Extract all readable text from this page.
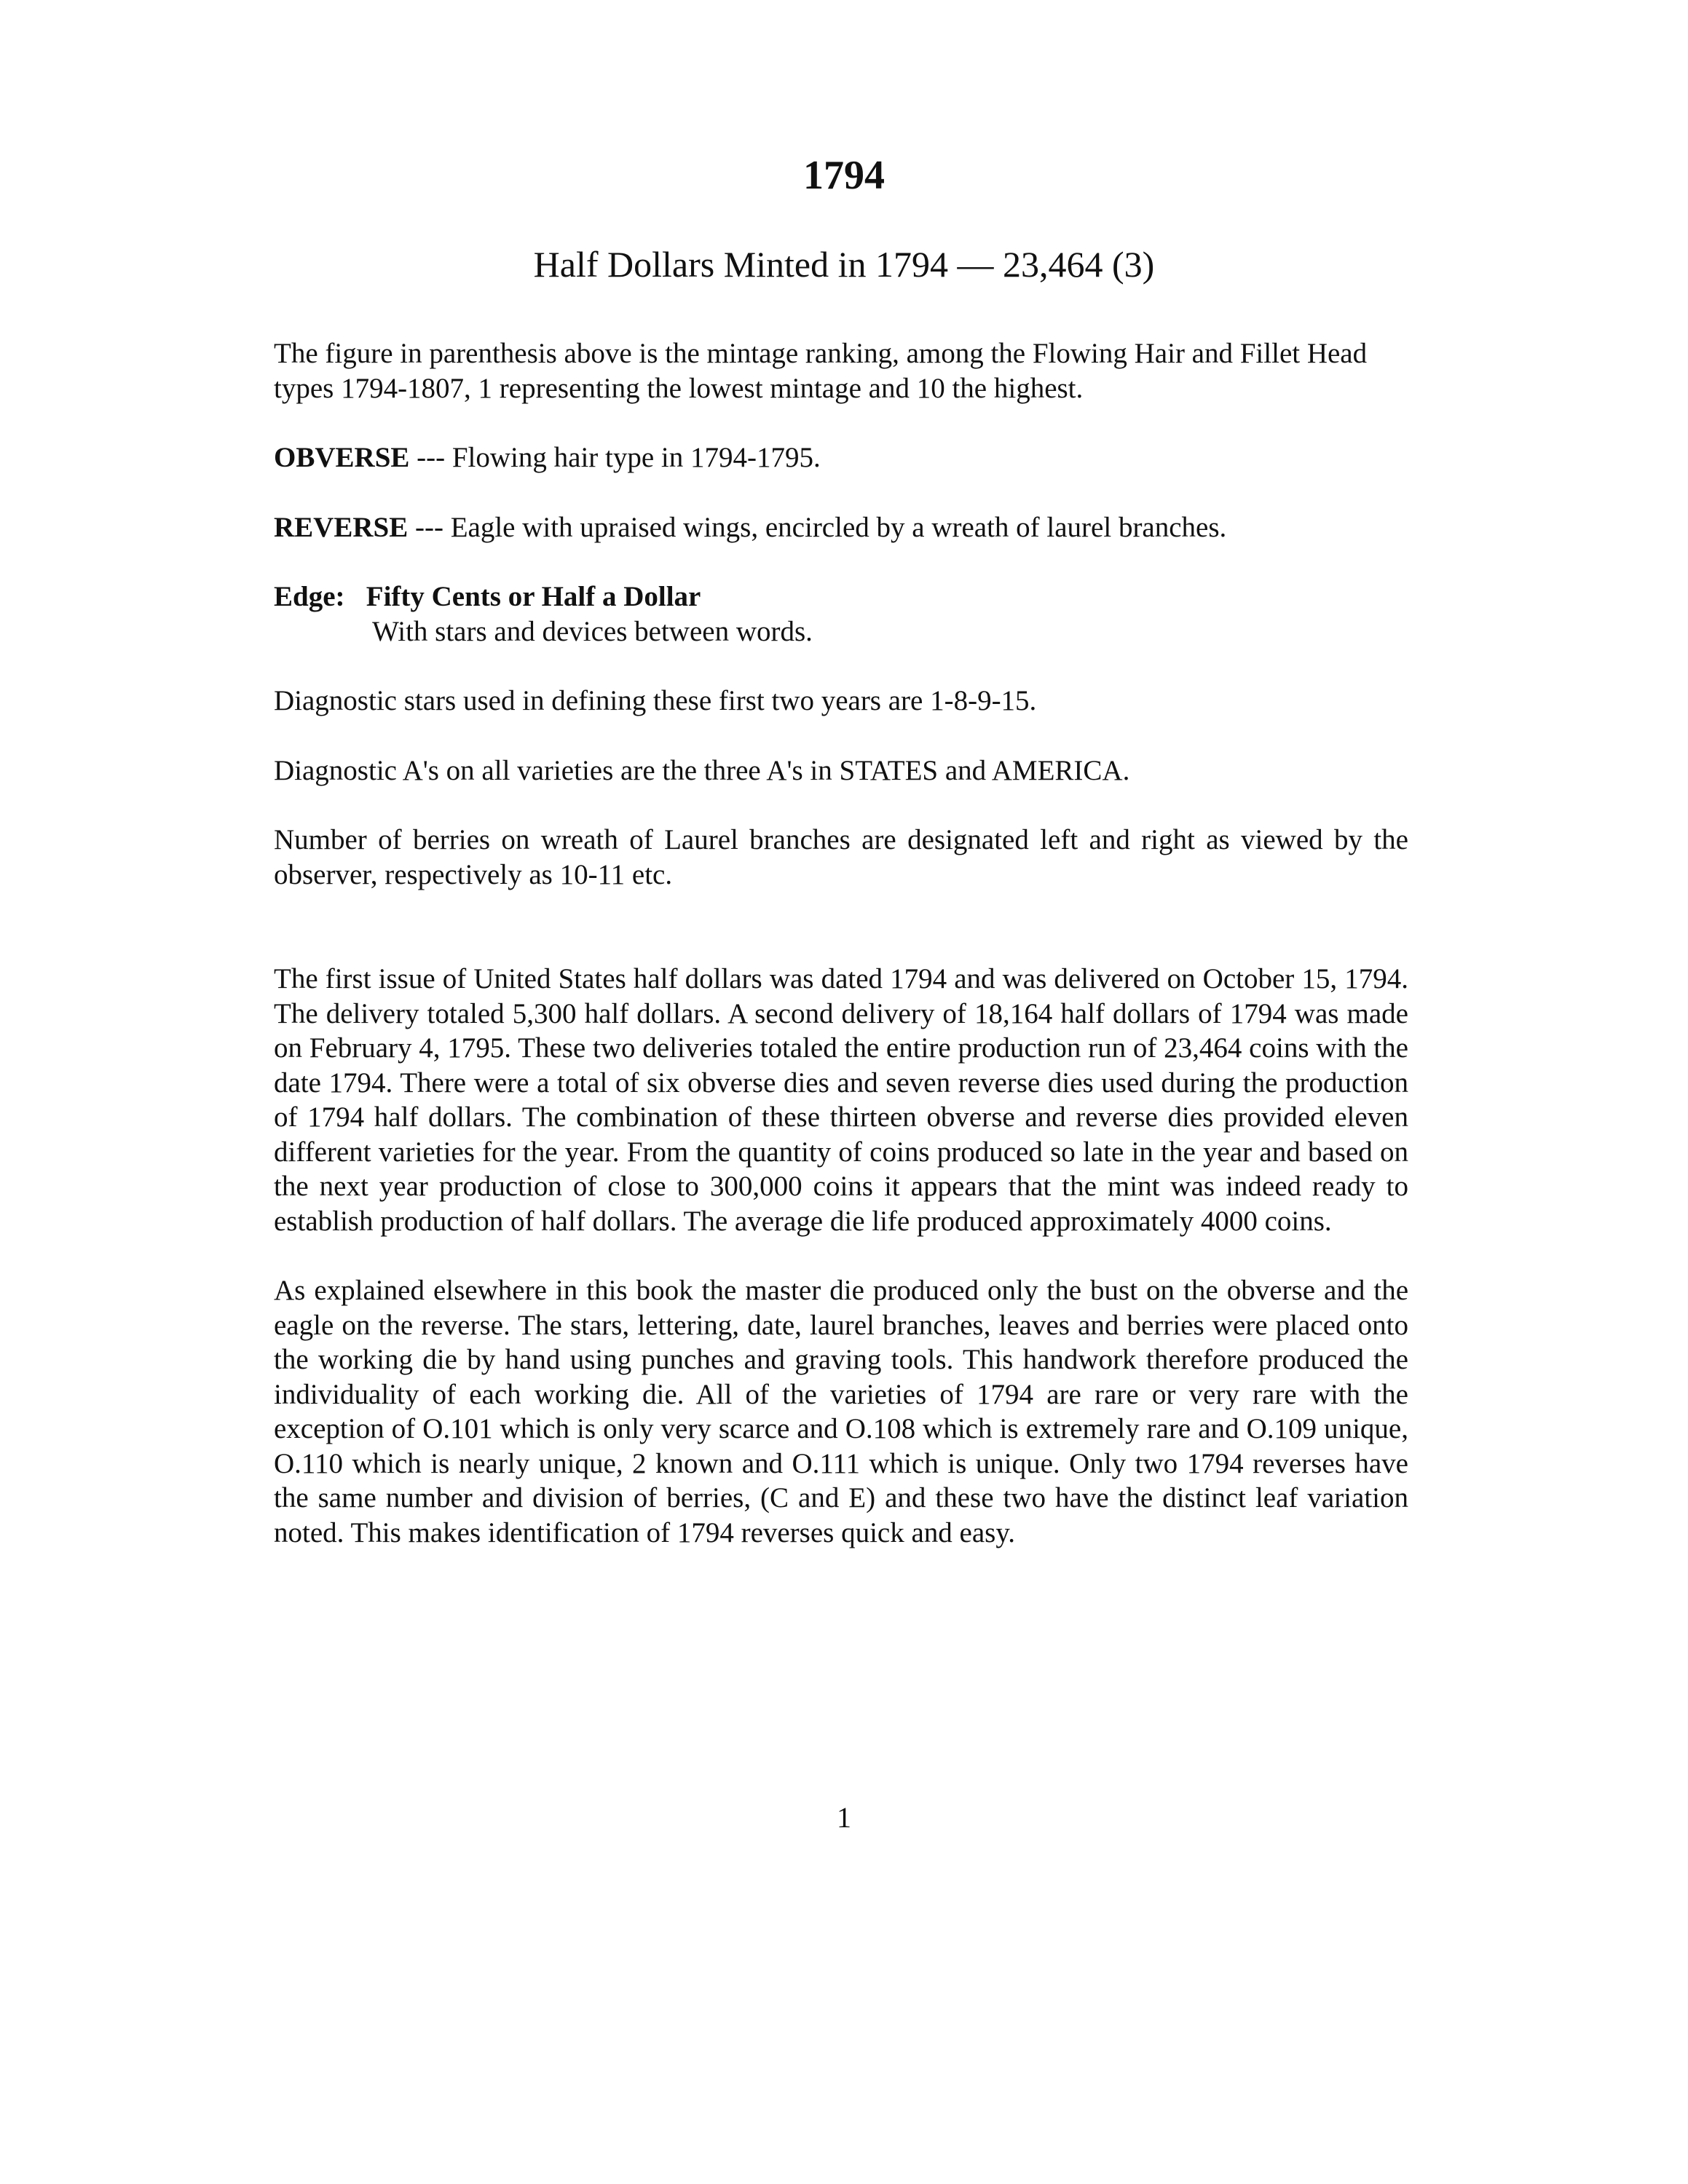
1794
Half Dollars Minted in 1794 — 23,464 (3)

The figure in parenthesis above is the mintage ranking, among the Flowing Hair and Fillet Head types 1794-1807, 1 representing the lowest mintage and 10 the highest.

OBVERSE --- Flowing hair type in 1794-1795.

REVERSE --- Eagle with upraised wings, encircled by a wreath of laurel branches.

Edge: Fifty Cents or Half a Dollar

With stars and devices between words.

Diagnostic stars used in defining these first two years are 1-8-9-15.

Diagnostic A's on all varieties are the three A's in STATES and AMERICA.

Number of berries on wreath of Laurel branches are designated left and right as viewed by the observer, respectively as 10-11 etc.

The first issue of United States half dollars was dated 1794 and was delivered on October 15, 1794. The delivery totaled 5,300 half dollars. A second delivery of 18,164 half dollars of 1794 was made on February 4, 1795. These two deliveries totaled the entire production run of 23,464 coins with the date 1794. There were a total of six obverse dies and seven reverse dies used during the production of 1794 half dollars. The combination of these thirteen obverse and reverse dies provided eleven different varieties for the year. From the quantity of coins produced so late in the year and based on the next year production of close to 300,000 coins it appears that the mint was indeed ready to establish production of half dollars. The average die life produced approximately 4000 coins.

As explained elsewhere in this book the master die produced only the bust on the obverse and the eagle on the reverse. The stars, lettering, date, laurel branches, leaves and berries were placed onto the working die by hand using punches and graving tools. This handwork therefore produced the individuality of each working die. All of the varieties of 1794 are rare or very rare with the exception of O.101 which is only very scarce and O.108 which is extremely rare and O.109 unique, O.110 which is nearly unique, 2 known and O.111 which is unique. Only two 1794 reverses have the same number and division of berries, (C and E) and these two have the distinct leaf variation noted. This makes identification of 1794 reverses quick and easy.

1
